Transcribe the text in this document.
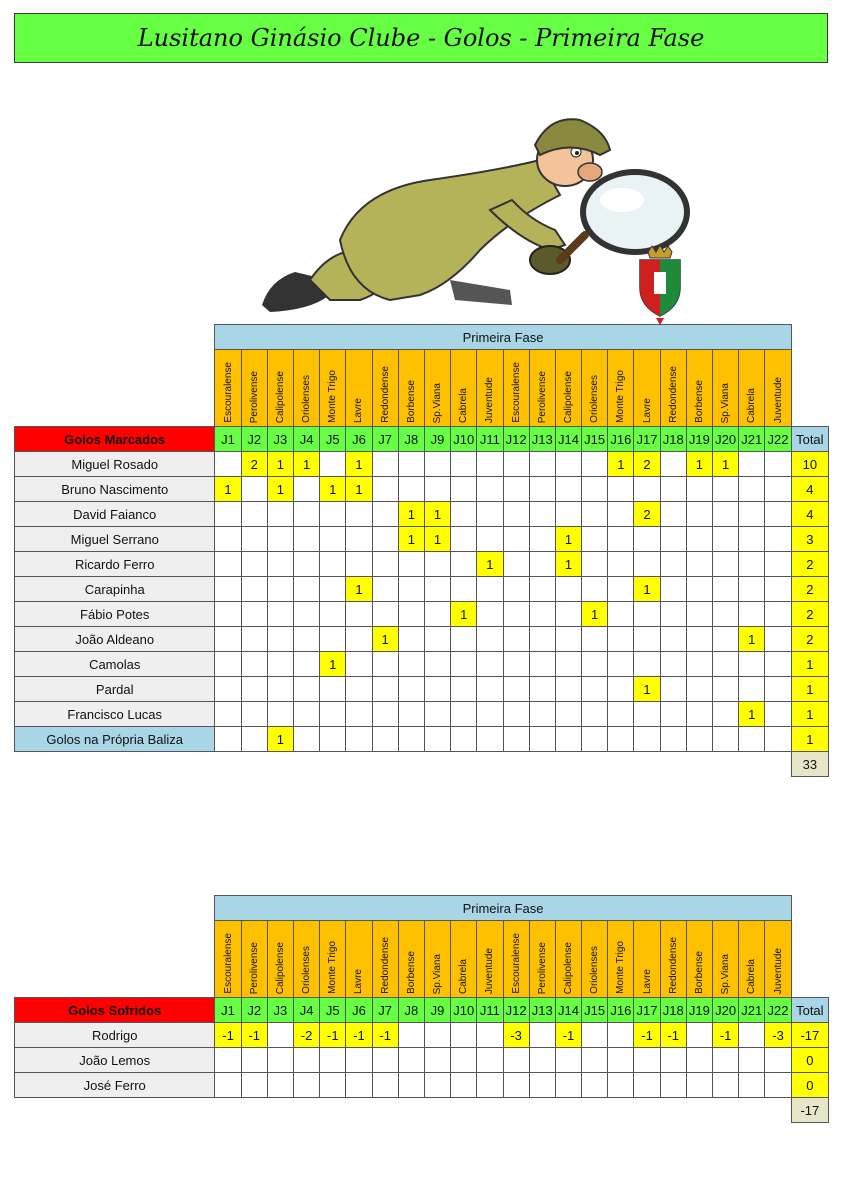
Lusitano Ginásio Clube - Golos - Primeira Fase
	Primeira Fase																						
	Escouralense	Perolivense	Calipolense	Oriolenses	Monte Trigo	Lavre	Redondense	Borbense	Sp.Viana	Cabrela	Juventude	Escouralense	Perolivense	Calipolense	Oriolenses	Monte Trigo	Lavre	Redondense	Borbense	Sp.Viana	Cabrela	Juventude	
Golos Marcados	J1	J2	J3	J4	J5	J6	J7	J8	J9	J10	J11	J12	J13	J14	J15	J16	J17	J18	J19	J20	J21	J22	Total
Miguel Rosado		2	1	1		1										1	2		1	1			10
Bruno Nascimento	1		1		1	1																	4
David Faianco								1	1								2						4
Miguel Serrano								1	1					1									3
Ricardo Ferro											1			1									2
Carapinha						1											1						2
Fábio Potes										1					1								2
João Aldeano							1														1		2
Camolas					1																		1
Pardal																	1						1
Francisco Lucas																					1		1
Golos na Própria Baliza			1																				1
																							33
	Primeira Fase																						
	Escouralense	Perolivense	Calipolense	Oriolenses	Monte Trigo	Lavre	Redondense	Borbense	Sp.Viana	Cabrela	Juventude	Escouralense	Perolivense	Calipolense	Oriolenses	Monte Trigo	Lavre	Redondense	Borbense	Sp.Viana	Cabrela	Juventude	
Golos Sofridos	J1	J2	J3	J4	J5	J6	J7	J8	J9	J10	J11	J12	J13	J14	J15	J16	J17	J18	J19	J20	J21	J22	Total
Rodrigo	-1	-1		-2	-1	-1	-1					-3		-1			-1	-1		-1		-3	-17
João Lemos																							0
José Ferro																							0
																							-17
